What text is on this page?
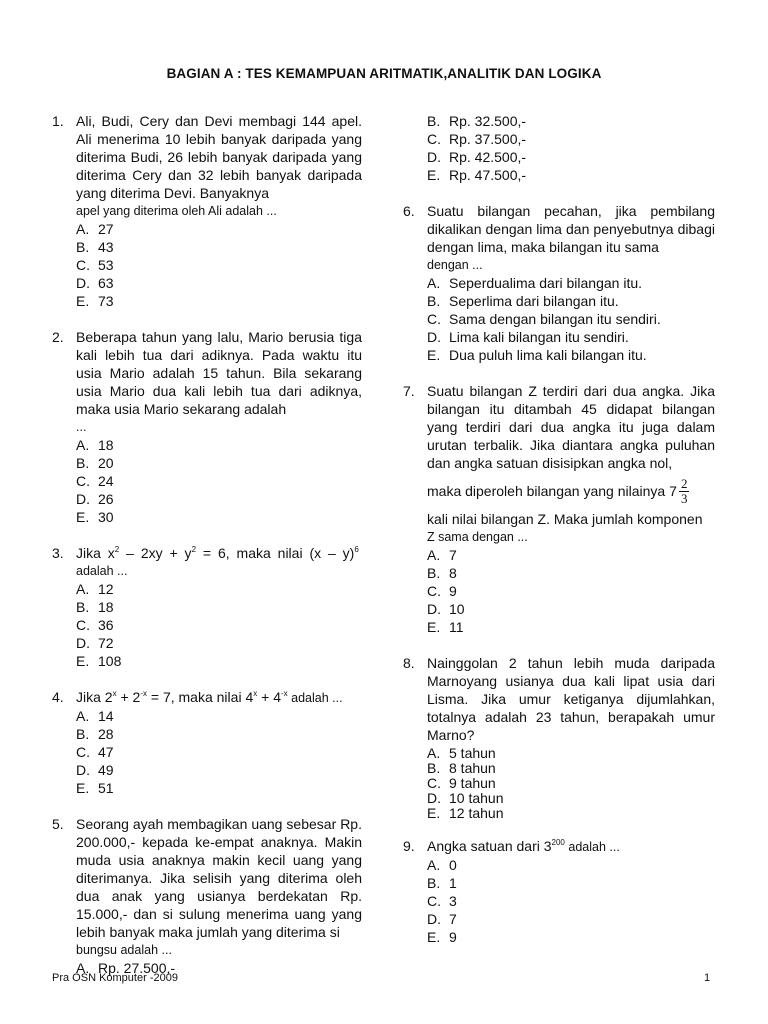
BAGIAN A : TES KEMAMPUAN ARITMATIK,ANALITIK DAN LOGIKA
1. Ali, Budi, Cery dan Devi membagi 144 apel. Ali menerima 10 lebih banyak daripada yang diterima Budi, 26 lebih banyak daripada yang diterima Cery dan 32 lebih banyak daripada yang diterima Devi. Banyaknya
apel yang diterima oleh Ali adalah ...
A. 27
B. 43
C. 53
D. 63
E. 73
2. Beberapa tahun yang lalu, Mario berusia tiga kali lebih tua dari adiknya. Pada waktu itu usia Mario adalah 15 tahun. Bila sekarang usia Mario dua kali lebih tua dari adiknya, maka usia Mario sekarang adalah
...
A. 18
B. 20
C. 24
D. 26
E. 30
3. Jika $x^2 - 2xy + y^2 = 6$, maka nilai (x – y)$^6$
adalah ...
A. 12
B. 18
C. 36
D. 72
E. 108
4. Jika $2^x + 2^{-x} = 7$, maka nilai $4^x + 4^{-x}$ adalah ...
A. 14
B. 28
C. 47
D. 49
E. 51
5. Seorang ayah membagikan uang sebesar Rp. 200.000,- kepada ke-empat anaknya. Makin muda usia anaknya makin kecil uang yang diterimanya. Jika selisih yang diterima oleh dua anak yang usianya berdekatan Rp. 15.000,- dan si sulung menerima uang yang lebih banyak maka jumlah yang diterima si
bungsu adalah ...
A. Rp. 27.500,-
B. Rp. 32.500,-
C. Rp. 37.500,-
D. Rp. 42.500,-
E. Rp. 47.500,-
6. Suatu bilangan pecahan, jika pembilang dikalikan dengan lima dan penyebutnya dibagi dengan lima, maka bilangan itu sama
dengan ...
A. Seperdualima dari bilangan itu.
B. Seperlima dari bilangan itu.
C. Sama dengan bilangan itu sendiri.
D. Lima kali bilangan itu sendiri.
E. Dua puluh lima kali bilangan itu.
7. Suatu bilangan Z terdiri dari dua angka. Jika bilangan itu ditambah 45 didapat bilangan yang terdiri dari dua angka itu juga dalam urutan terbalik. Jika diantara angka puluhan dan angka satuan disisipkan angka nol,
maka diperoleh bilangan yang nilainya $7 \frac{2}{3}$
kali nilai bilangan Z. Maka jumlah komponen
Z sama dengan ...
A. 7
B. 8
C. 9
D. 10
E. 11
8. Nainggolan 2 tahun lebih muda daripada Marnoyang usianya dua kali lipat usia dari Lisma. Jika umur ketiganya dijumlahkan, totalnya adalah 23 tahun, berapakah umur Marno?
A. 5 tahun
B. 8 tahun
C. 9 tahun
D. 10 tahun
E. 12 tahun
9. Angka satuan dari $3^{200}$ adalah ...
A. 0
B. 1
C. 3
D. 7
E. 9
Pra OSN Komputer -2009	1
